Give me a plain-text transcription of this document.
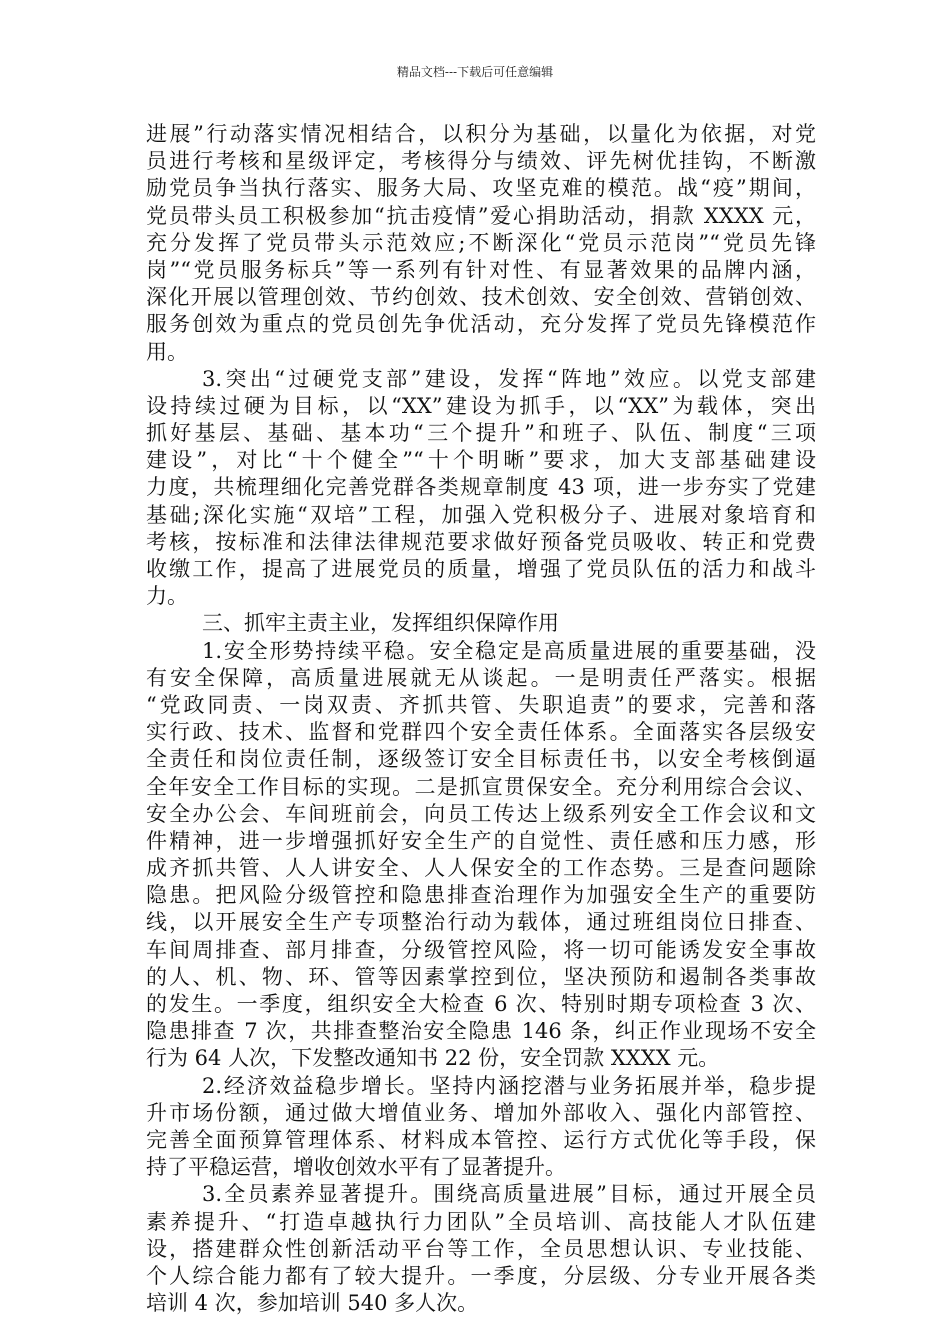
精品文档---下载后可任意编辑
进展”行动落实情况相结合，以积分为基础，以量化为依据，对党
员进行考核和星级评定，考核得分与绩效、评先树优挂钩，不断激
励党员争当执行落实、服务大局、攻坚克难的模范。战“疫”期间，
党员带头员工积极参加“抗击疫情”爱心捐助活动，捐款 XXXX 元，
充分发挥了党员带头示范效应;不断深化“党员示范岗”“党员先锋
岗”“党员服务标兵”等一系列有针对性、有显著效果的品牌内涵，
深化开展以管理创效、节约创效、技术创效、安全创效、营销创效、
服务创效为重点的党员创先争优活动，充分发挥了党员先锋模范作
用。
3.突出“过硬党支部”建设，发挥“阵地”效应。以党支部建
设持续过硬为目标，以“XX”建设为抓手，以“XX”为载体，突出
抓好基层、基础、基本功“三个提升”和班子、队伍、制度“三项
建设”，对比“十个健全”“十个明晰”要求，加大支部基础建设
力度，共梳理细化完善党群各类规章制度 43 项，进一步夯实了党建
基础;深化实施“双培”工程，加强入党积极分子、进展对象培育和
考核，按标准和法律法律规范要求做好预备党员吸收、转正和党费
收缴工作，提高了进展党员的质量，增强了党员队伍的活力和战斗
力。
三、抓牢主责主业，发挥组织保障作用
1.安全形势持续平稳。安全稳定是高质量进展的重要基础，没
有安全保障，高质量进展就无从谈起。一是明责任严落实。根据
“党政同责、一岗双责、齐抓共管、失职追责”的要求，完善和落
实行政、技术、监督和党群四个安全责任体系。全面落实各层级安
全责任和岗位责任制，逐级签订安全目标责任书，以安全考核倒逼
全年安全工作目标的实现。二是抓宣贯保安全。充分利用综合会议、
安全办公会、车间班前会，向员工传达上级系列安全工作会议和文
件精神，进一步增强抓好安全生产的自觉性、责任感和压力感，形
成齐抓共管、人人讲安全、人人保安全的工作态势。三是查问题除
隐患。把风险分级管控和隐患排查治理作为加强安全生产的重要防
线，以开展安全生产专项整治行动为载体，通过班组岗位日排查、
车间周排查、部月排查，分级管控风险，将一切可能诱发安全事故
的人、机、物、环、管等因素掌控到位，坚决预防和遏制各类事故
的发生。一季度，组织安全大检查 6 次、特别时期专项检查 3 次、
隐患排查 7 次，共排查整治安全隐患 146 条，纠正作业现场不安全
行为 64 人次，下发整改通知书 22 份，安全罚款 XXXX 元。
2.经济效益稳步增长。坚持内涵挖潜与业务拓展并举，稳步提
升市场份额，通过做大增值业务、增加外部收入、强化内部管控、
完善全面预算管理体系、材料成本管控、运行方式优化等手段，保
持了平稳运营，增收创效水平有了显著提升。
3.全员素养显著提升。围绕高质量进展”目标，通过开展全员
素养提升、“打造卓越执行力团队”全员培训、高技能人才队伍建
设，搭建群众性创新活动平台等工作，全员思想认识、专业技能、
个人综合能力都有了较大提升。一季度，分层级、分专业开展各类
培训 4 次，参加培训 540 多人次。
